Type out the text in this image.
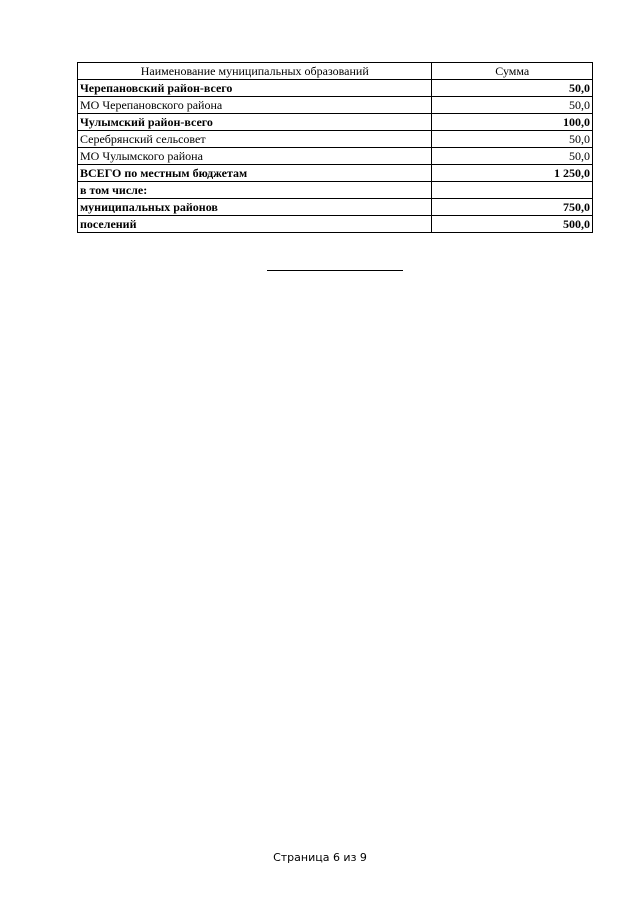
Наименование муниципальных образований	Сумма
Черепановский район-всего	50,0
МО Черепановского района	50,0
Чулымский район-всего	100,0
Серебрянский сельсовет	50,0
МО Чулымского района	50,0
ВСЕГО по местным бюджетам	1 250,0
в том числе:	
муниципальных районов	750,0
поселений	500,0
Страница 6 из 9
